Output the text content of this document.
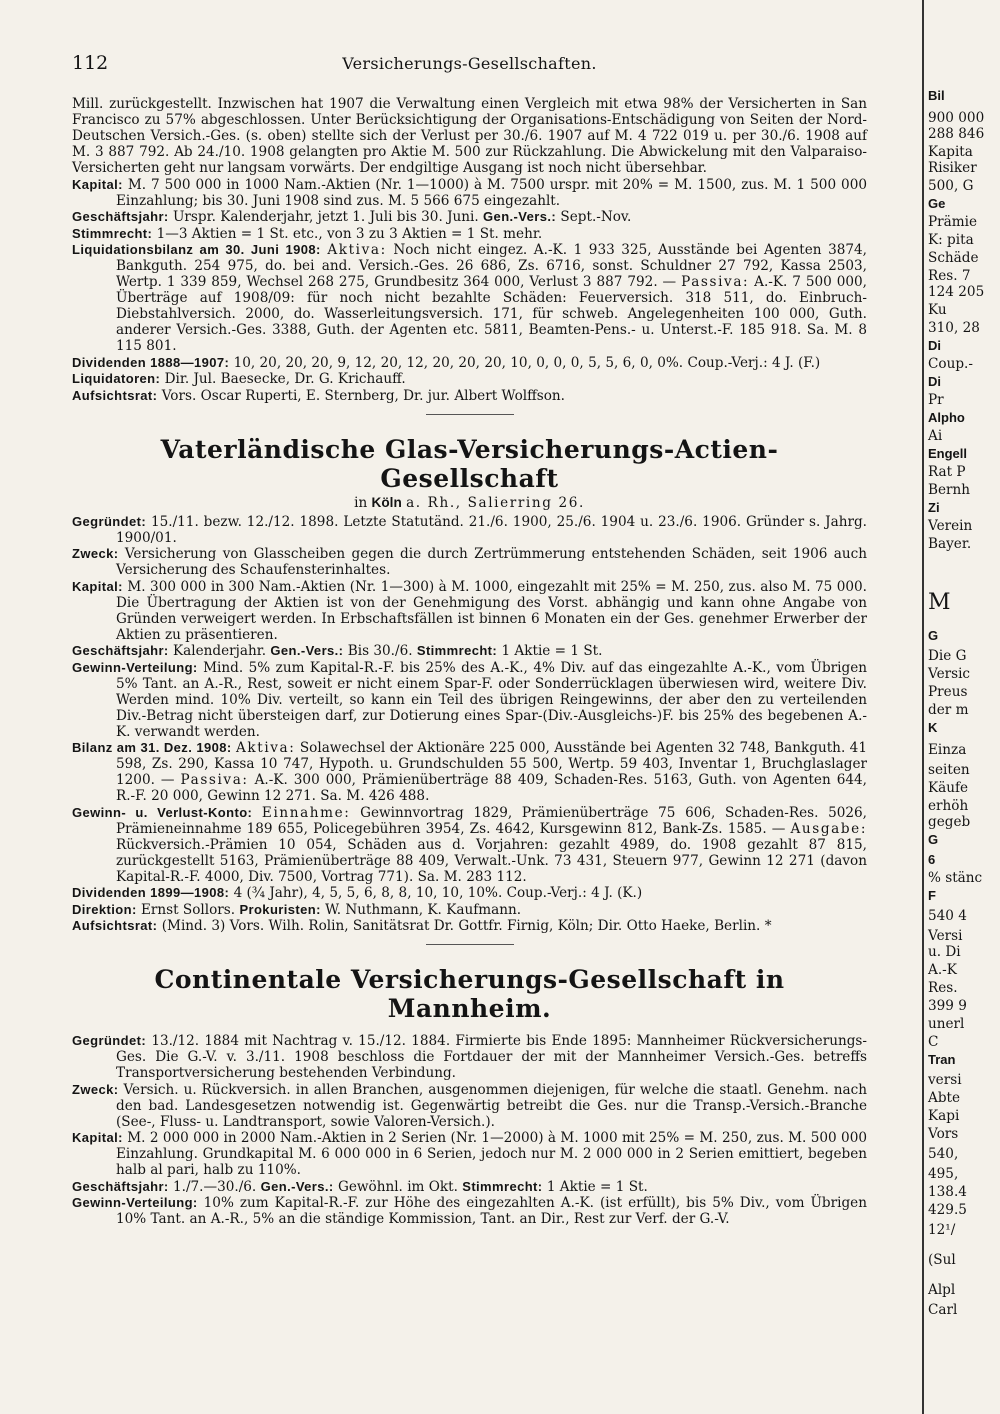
112	Versicherungs-Gesellschaften.

Mill. zurückgestellt. Inzwischen hat 1907 die Verwaltung einen Vergleich mit etwa 98% der Versicherten in San Francisco zu 57% abgeschlossen. Unter Berücksichtigung der Organisations-Entschädigung von Seiten der Nord-Deutschen Versich.-Ges. (s. oben) stellte sich der Verlust per 30./6. 1907 auf M. 4 722 019 u. per 30./6. 1908 auf M. 3 887 792. Ab 24./10. 1908 gelangten pro Aktie M. 500 zur Rückzahlung. Die Abwickelung mit den Valparaiso-Versicherten geht nur langsam vorwärts. Der endgiltige Ausgang ist noch nicht übersehbar.

Kapital: M. 7 500 000 in 1000 Nam.-Aktien (Nr. 1—1000) à M. 7500 urspr. mit 20% = M. 1500, zus. M. 1 500 000 Einzahlung; bis 30. Juni 1908 sind zus. M. 5 566 675 eingezahlt.

Geschäftsjahr: Urspr. Kalenderjahr, jetzt 1. Juli bis 30. Juni. Gen.-Vers.: Sept.-Nov.

Stimmrecht: 1—3 Aktien = 1 St. etc., von 3 zu 3 Aktien = 1 St. mehr.

Liquidationsbilanz am 30. Juni 1908: Aktiva: Noch nicht eingez. A.-K. 1 933 325, Ausstände bei Agenten 3874, Bankguth. 254 975, do. bei and. Versich.-Ges. 26 686, Zs. 6716, sonst. Schuldner 27 792, Kassa 2503, Wertp. 1 339 859, Wechsel 268 275, Grundbesitz 364 000, Verlust 3 887 792. — Passiva: A.-K. 7 500 000, Überträge auf 1908/09: für noch nicht bezahlte Schäden: Feuerversich. 318 511, do. Einbruch-Diebstahlversich. 2000, do. Wasserleitungsversich. 171, für schweb. Angelegenheiten 100 000, Guth. anderer Versich.-Ges. 3388, Guth. der Agenten etc. 5811, Beamten-Pens.- u. Unterst.-F. 185 918. Sa. M. 8 115 801.

Dividenden 1888—1907: 10, 20, 20, 20, 9, 12, 20, 12, 20, 20, 20, 10, 0, 0, 0, 5, 5, 6, 0, 0%. Coup.-Verj.: 4 J. (F.)

Liquidatoren: Dir. Jul. Baesecke, Dr. G. Krichauff.

Aufsichtsrat: Vors. Oscar Ruperti, E. Sternberg, Dr. jur. Albert Wolffson.

Vaterländische Glas-Versicherungs-Actien-Gesellschaft
in Köln a. Rh., Salierring 26.

Gegründet: 15./11. bezw. 12./12. 1898. Letzte Statutänd. 21./6. 1900, 25./6. 1904 u. 23./6. 1906. Gründer s. Jahrg. 1900/01.

Zweck: Versicherung von Glasscheiben gegen die durch Zertrümmerung entstehenden Schäden, seit 1906 auch Versicherung des Schaufensterinhaltes.

Kapital: M. 300 000 in 300 Nam.-Aktien (Nr. 1—300) à M. 1000, eingezahlt mit 25% = M. 250, zus. also M. 75 000. Die Übertragung der Aktien ist von der Genehmigung des Vorst. abhängig und kann ohne Angabe von Gründen verweigert werden. In Erbschaftsfällen ist binnen 6 Monaten ein der Ges. genehmer Erwerber der Aktien zu präsentieren.

Geschäftsjahr: Kalenderjahr. Gen.-Vers.: Bis 30./6. Stimmrecht: 1 Aktie = 1 St.

Gewinn-Verteilung: Mind. 5% zum Kapital-R.-F. bis 25% des A.-K., 4% Div. auf das eingezahlte A.-K., vom Übrigen 5% Tant. an A.-R., Rest, soweit er nicht einem Spar-F. oder Sonderrücklagen überwiesen wird, weitere Div. Werden mind. 10% Div. verteilt, so kann ein Teil des übrigen Reingewinns, der aber den zu verteilenden Div.-Betrag nicht übersteigen darf, zur Dotierung eines Spar-(Div.-Ausgleichs-)F. bis 25% des begebenen A.-K. verwandt werden.

Bilanz am 31. Dez. 1908: Aktiva: Solawechsel der Aktionäre 225 000, Ausstände bei Agenten 32 748, Bankguth. 41 598, Zs. 290, Kassa 10 747, Hypoth. u. Grundschulden 55 500, Wertp. 59 403, Inventar 1, Bruchglaslager 1200. — Passiva: A.-K. 300 000, Prämienüberträge 88 409, Schaden-Res. 5163, Guth. von Agenten 644, R.-F. 20 000, Gewinn 12 271. Sa. M. 426 488.

Gewinn- u. Verlust-Konto: Einnahme: Gewinnvortrag 1829, Prämienüberträge 75 606, Schaden-Res. 5026, Prämieneinnahme 189 655, Policegebühren 3954, Zs. 4642, Kursgewinn 812, Bank-Zs. 1585. — Ausgabe: Rückversich.-Prämien 10 054, Schäden aus d. Vorjahren: gezahlt 4989, do. 1908 gezahlt 87 815, zurückgestellt 5163, Prämienüberträge 88 409, Verwalt.-Unk. 73 431, Steuern 977, Gewinn 12 271 (davon Kapital-R.-F. 4000, Div. 7500, Vortrag 771). Sa. M. 283 112.

Dividenden 1899—1908: 4 (¾ Jahr), 4, 5, 5, 6, 8, 8, 10, 10, 10%. Coup.-Verj.: 4 J. (K.)

Direktion: Ernst Sollors. Prokuristen: W. Nuthmann, K. Kaufmann.

Aufsichtsrat: (Mind. 3) Vors. Wilh. Rolin, Sanitätsrat Dr. Gottfr. Firnig, Köln; Dir. Otto Haeke, Berlin. *

Continentale Versicherungs-Gesellschaft in Mannheim.

Gegründet: 13./12. 1884 mit Nachtrag v. 15./12. 1884. Firmierte bis Ende 1895: Mannheimer Rückversicherungs-Ges. Die G.-V. v. 3./11. 1908 beschloss die Fortdauer der mit der Mannheimer Versich.-Ges. betreffs Transportversicherung bestehenden Verbindung.

Zweck: Versich. u. Rückversich. in allen Branchen, ausgenommen diejenigen, für welche die staatl. Genehm. nach den bad. Landesgesetzen notwendig ist. Gegenwärtig betreibt die Ges. nur die Transp.-Versich.-Branche (See-, Fluss- u. Landtransport, sowie Valoren-Versich.).

Kapital: M. 2 000 000 in 2000 Nam.-Aktien in 2 Serien (Nr. 1—2000) à M. 1000 mit 25% = M. 250, zus. M. 500 000 Einzahlung. Grundkapital M. 6 000 000 in 6 Serien, jedoch nur M. 2 000 000 in 2 Serien emittiert, begeben halb al pari, halb zu 110%.

Geschäftsjahr: 1./7.—30./6. Gen.-Vers.: Gewöhnl. im Okt. Stimmrecht: 1 Aktie = 1 St.

Gewinn-Verteilung: 10% zum Kapital-R.-F. zur Höhe des eingezahlten A.-K. (ist erfüllt), bis 5% Div., vom Übrigen 10% Tant. an A.-R., 5% an die ständige Kommission, Tant. an Dir., Rest zur Verf. der G.-V.

Bil
900 000
288 846
Kapita
Risiker
500, G
Ge
Prämie
K: pita
Schäde
Res. 7
124 205
Ku
310, 28
Di
Coup.-
Di
Pr
Alpho
Ai
Engell
Rat P
Bernh
Zi
Verein
Bayer.
M
G
Die G
Versic
Preus
der m
K
Einza
seiten
Käufe
erhöh
gegeb
G
6
% stänc
F
540 4
Versi
u. Di
A.-K
Res.
399 9
unerl
C
Tran
versi
Abte
Kapi
Vors
540,
495,
138.4
429.5
12¹/
(Sul
Alpl
Carl
